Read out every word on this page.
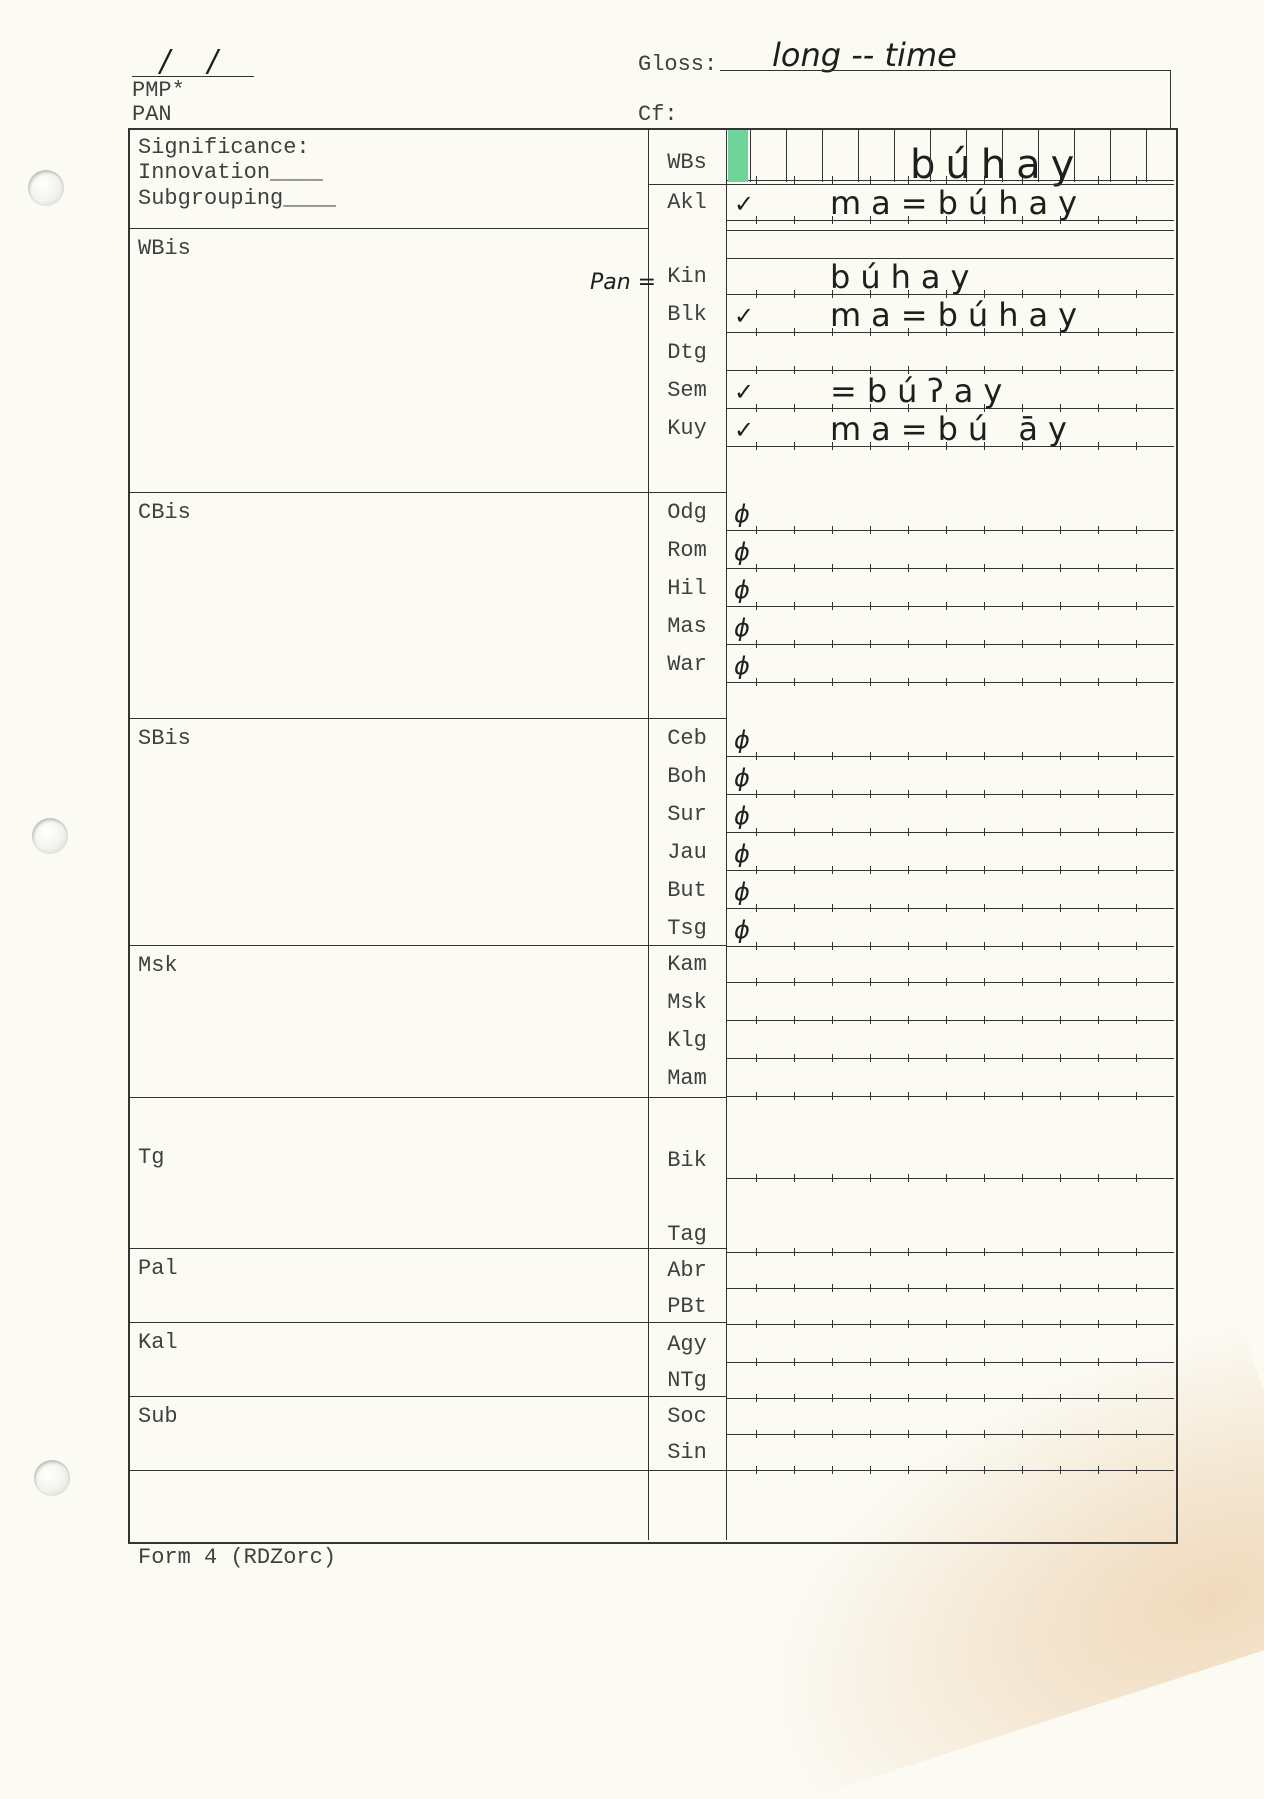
/ /
PMP*
PAN
Gloss: long -- time
Cf:
WBis
CBis
SBis
Msk
Tg
Pal
Kal
Sub
WBs	búhay
Akl	✓ ma=búhay
Kin	búhay
Blk	✓ ma=búhay
Dtg
Sem	✓ =búʔay
Kuy	✓ ma=bú āy
Odg	ϕ
Rom	ϕ
Hil	ϕ
Mas	ϕ
War	ϕ
Ceb	ϕ
Boh	ϕ
Sur	ϕ
Jau	ϕ
But	ϕ
Tsg	ϕ
Kam
Msk
Klg
Mam
Bik
Tag
Abr
PBt
Agy
NTg
Soc
Sin
Significance:
Innovation____
Subgrouping____
Pan =
Form 4 (RDZorc)
